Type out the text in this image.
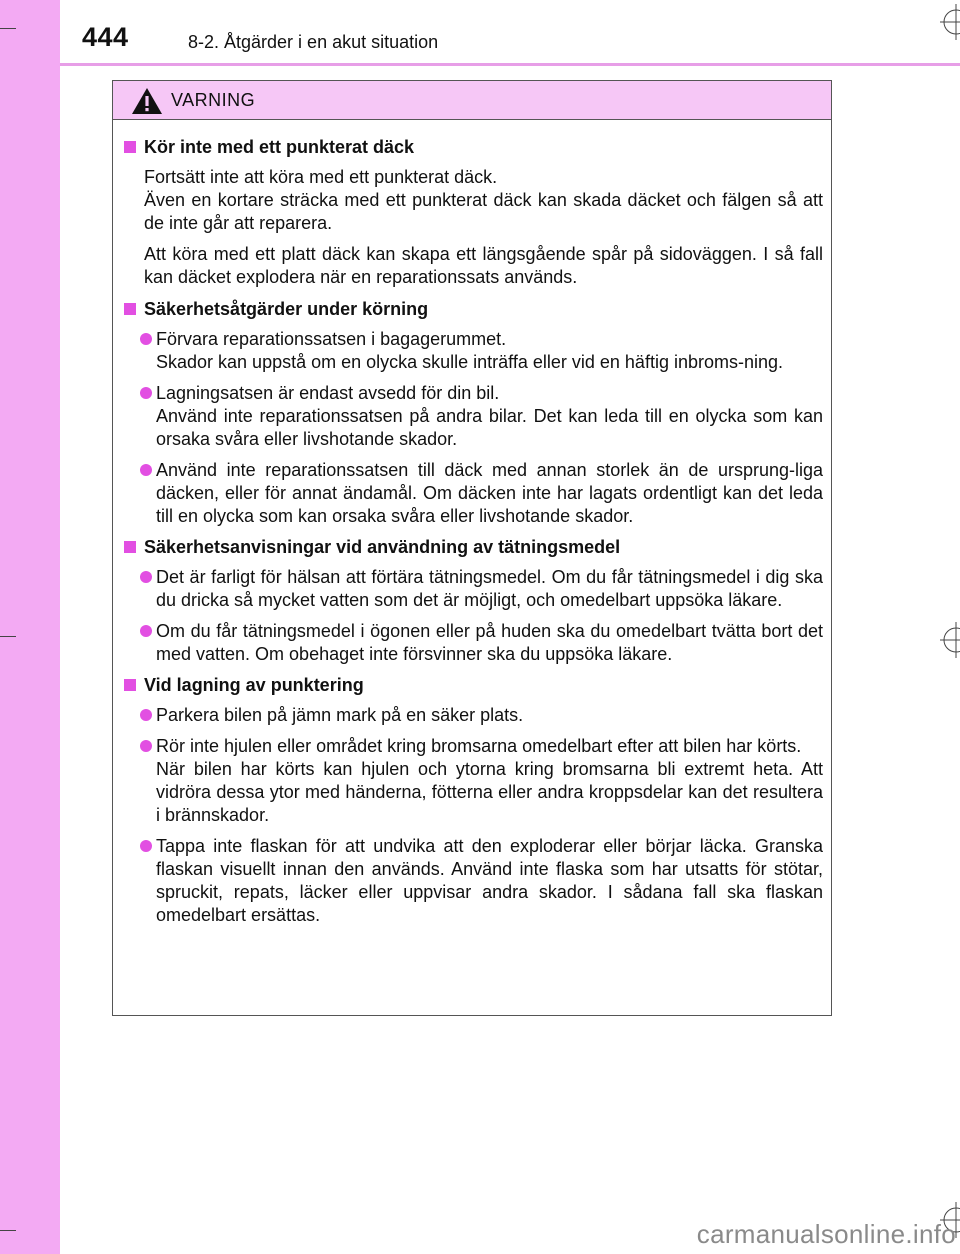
444	8-2. Åtgärder i en akut situation
VARNING
Kör inte med ett punkterat däck

Fortsätt inte att köra med ett punkterat däck.
Även en kortare sträcka med ett punkterat däck kan skada däcket och fälgen så att de inte går att reparera.

Att köra med ett platt däck kan skapa ett längsgående spår på sidoväggen. I så fall kan däcket explodera när en reparationssats används.

Säkerhetsåtgärder under körning
Förvara reparationssatsen i bagagerummet.
Skador kan uppstå om en olycka skulle inträffa eller vid en häftig inbroms-ning.
Lagningsatsen är endast avsedd för din bil.
Använd inte reparationssatsen på andra bilar. Det kan leda till en olycka som kan orsaka svåra eller livshotande skador.
Använd inte reparationssatsen till däck med annan storlek än de ursprung-liga däcken, eller för annat ändamål. Om däcken inte har lagats ordentligt kan det leda till en olycka som kan orsaka svåra eller livshotande skador.
Säkerhetsanvisningar vid användning av tätningsmedel
Det är farligt för hälsan att förtära tätningsmedel. Om du får tätningsmedel i dig ska du dricka så mycket vatten som det är möjligt, och omedelbart uppsöka läkare.
Om du får tätningsmedel i ögonen eller på huden ska du omedelbart tvätta bort det med vatten. Om obehaget inte försvinner ska du uppsöka läkare.
Vid lagning av punktering
Parkera bilen på jämn mark på en säker plats.
Rör inte hjulen eller området kring bromsarna omedelbart efter att bilen har körts.
När bilen har körts kan hjulen och ytorna kring bromsarna bli extremt heta. Att vidröra dessa ytor med händerna, fötterna eller andra kroppsdelar kan det resultera i brännskador.
Tappa inte flaskan för att undvika att den exploderar eller börjar läcka. Granska flaskan visuellt innan den används. Använd inte flaska som har utsatts för stötar, spruckit, repats, läcker eller uppvisar andra skador. I sådana fall ska flaskan omedelbart ersättas.
carmanualsonline.info
